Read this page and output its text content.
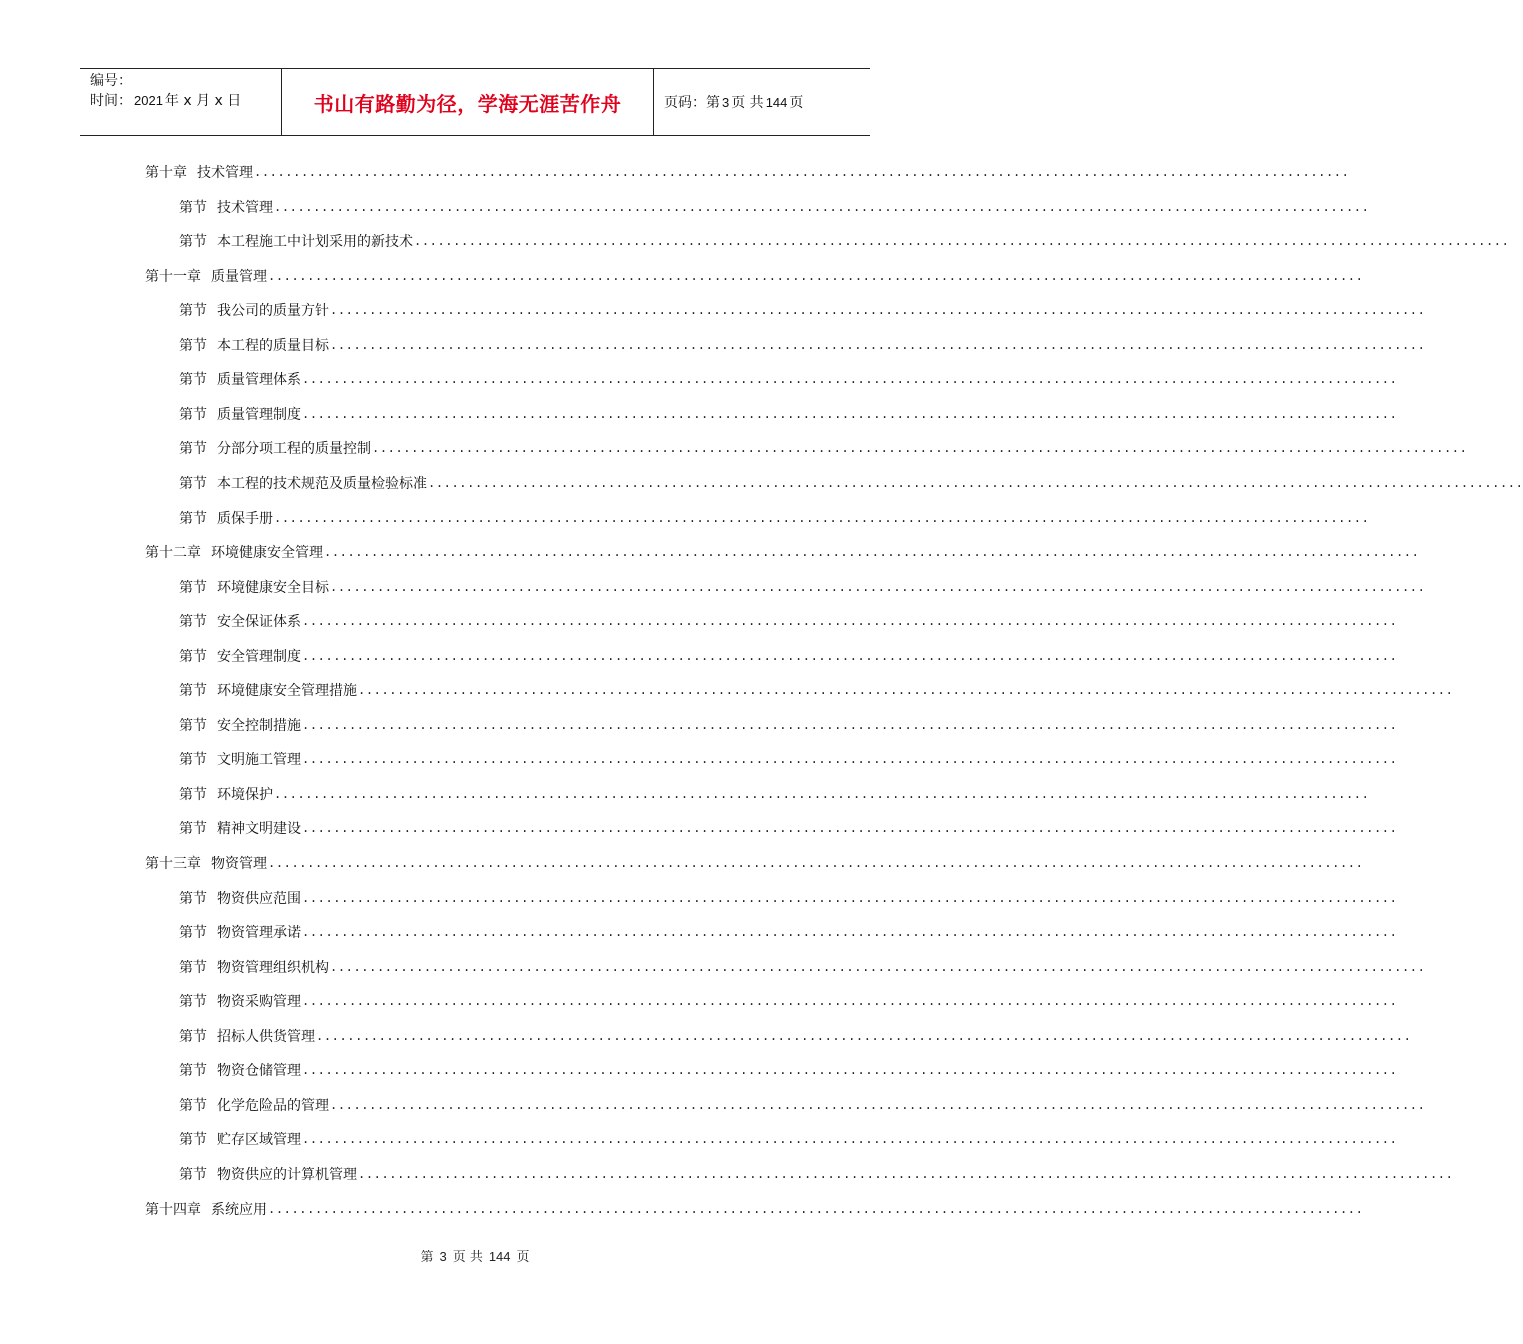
编号：
时间： 2021 年 x 月 x 日	书山有路勤为径，学海无涯苦作舟	页码：第 3 页 共 144 页
第十章 技术管理 ............................................................................................................................................
第节 技术管理 ............................................................................................................................................
第节 本工程施工中计划采用的新技术 ............................................................................................................................................
第十一章 质量管理 ............................................................................................................................................
第节 我公司的质量方针 ............................................................................................................................................
第节 本工程的质量目标 ............................................................................................................................................
第节 质量管理体系 ............................................................................................................................................
第节 质量管理制度 ............................................................................................................................................
第节 分部分项工程的质量控制 ............................................................................................................................................
第节 本工程的技术规范及质量检验标准 ............................................................................................................................................
第节 质保手册 ............................................................................................................................................
第十二章 环境健康安全管理 ............................................................................................................................................
第节 环境健康安全目标 ............................................................................................................................................
第节 安全保证体系 ............................................................................................................................................
第节 安全管理制度 ............................................................................................................................................
第节 环境健康安全管理措施 ............................................................................................................................................
第节 安全控制措施 ............................................................................................................................................
第节 文明施工管理 ............................................................................................................................................
第节 环境保护 ............................................................................................................................................
第节 精神文明建设 ............................................................................................................................................
第十三章 物资管理 ............................................................................................................................................
第节 物资供应范围 ............................................................................................................................................
第节 物资管理承诺 ............................................................................................................................................
第节 物资管理组织机构 ............................................................................................................................................
第节 物资采购管理 ............................................................................................................................................
第节 招标人供货管理 ............................................................................................................................................
第节 物资仓储管理 ............................................................................................................................................
第节 化学危险品的管理 ............................................................................................................................................
第节 贮存区域管理 ............................................................................................................................................
第节 物资供应的计算机管理 ............................................................................................................................................
第十四章 系统应用 ............................................................................................................................................
第 3 页 共 144 页
